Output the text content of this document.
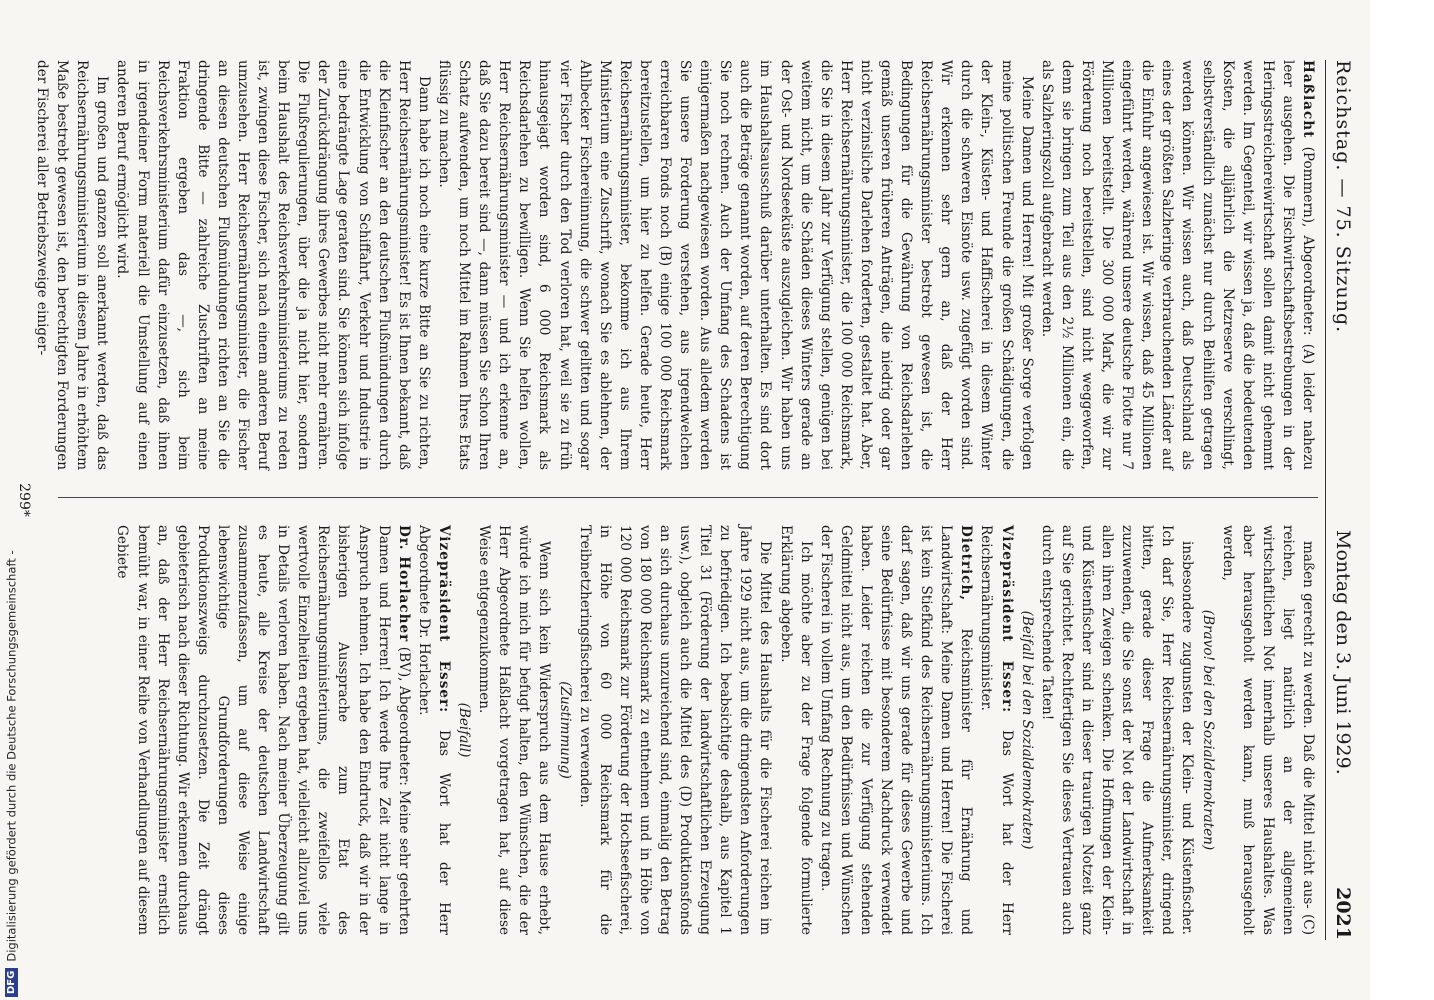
Reichstag. — 75. Sitzung.
Montag den 3. Juni 1929.
2021

Haßlacht (Pommern), Abgeordneter: (A) leider nahezu leer ausgehen. Die Fischwirtschaftsbestrebungen in der Heringsstreichereiwirtschaft sollen damit nicht gehemmt werden. Im Gegenteil, wir wissen ja, daß die bedeutenden Kosten, die alljährlich die Netzreserve verschlingt, selbstverständlich zunächst nur durch Beihilfen getragen werden können. Wir wissen auch, daß Deutschland als eines der größten Salzheringe verbrauchenden Länder auf die Einfuhr angewiesen ist. Wir wissen, daß 45 Millionen eingeführt werden, während unsere deutsche Flotte nur 7 Millionen bereitstellt. Die 300 000 Mark, die wir zur Förderung noch bereitstellen, sind nicht weggeworfen, denn sie bringen zum Teil aus den 2½ Millionen ein, die als Salzheringszoll aufgebracht werden.

Meine Damen und Herren! Mit großer Sorge verfolgen meine politischen Freunde die großen Schädigungen, die der Klein-, Küsten- und Haffischerei in diesem Winter durch die schweren Eisnöte usw. zugefügt worden sind. Wir erkennen sehr gern an, daß der Herr Reichsernährungsminister bestrebt gewesen ist, die Bedingungen für die Gewährung von Reichsdarlehen gemäß unseren früheren Anträgen, die niedrig oder gar nicht verzinsliche Darlehen forderten, gestaltet hat. Aber, Herr Reichsernährungsminister, die 100 000 Reichsmark, die Sie in diesem Jahr zur Verfügung stellen, genügen bei weitem nicht, um die Schäden dieses Winters gerade an der Ost- und Nordseeküste auszugleichen. Wir haben uns im Haushaltsausschuß darüber unterhalten. Es sind dort auch die Beträge genannt worden, auf deren Berechtigung Sie noch rechnen. Auch der Umfang des Schadens ist einigermaßen nachgewiesen worden. Aus alledem werden Sie unsere Forderung verstehen, aus irgendwelchen erreichbaren Fonds noch (B) einige 100 000 Reichsmark bereitzustellen, um hier zu helfen. Gerade heute, Herr Reichsernährungsminister, bekomme ich aus Ihrem Ministerium eine Zuschrift, wonach Sie es ablehnen, der Ahlbecker Fischereiinnung, die schwer gelitten und sogar vier Fischer durch den Tod verloren hat, weil sie zu früh hinausgejagt worden sind, 6 000 Reichsmark als Reichsdarlehen zu bewilligen. Wenn Sie helfen wollen, Herr Reichsernährungsminister — und ich erkenne an, daß Sie dazu bereit sind —, dann müssen Sie schon Ihren Schatz aufwenden, um noch Mittel im Rahmen Ihres Etats flüssig zu machen.

Dann habe ich noch eine kurze Bitte an Sie zu richten, Herr Reichsernährungsminister! Es ist Ihnen bekannt, daß die Kleinfischer an den deutschen Flußmündungen durch die Entwicklung von Schiffahrt, Verkehr und Industrie in eine bedrängte Lage geraten sind. Sie können sich infolge der Zurückdrängung ihres Gewerbes nicht mehr ernähren. Die Flußregulierungen, über die ja nicht hier, sondern beim Haushalt des Reichsverkehrsministeriums zu reden ist, zwingen diese Fischer, sich nach einem anderen Beruf umzusehen. Herr Reichsernährungsminister, die Fischer an diesen deutschen Flußmündungen richten an Sie die dringende Bitte — zahlreiche Zuschriften an meine Fraktion ergeben das —, sich beim Reichsverkehrsministerium dafür einzusetzen, daß ihnen in irgendeiner Form materiell die Umstellung auf einen anderen Beruf ermöglicht wird.

Im großen und ganzen soll anerkannt werden, daß das Reichsernährungsministerium in diesem Jahre in erhöhtem Maße bestrebt gewesen ist, den berechtigten Forderungen der Fischerei aller Betriebszweige einiger-

maßen gerecht zu werden. Daß die Mittel nicht aus- (C) reichen, liegt natürlich an der allgemeinen wirtschaftlichen Not innerhalb unseres Haushaltes. Was aber herausgeholt werden kann, muß herausgeholt werden,

(Bravo! bei den Sozialdemokraten)

insbesondere zugunsten der Klein- und Küstenfischer. Ich darf Sie, Herr Reichsernährungsminister, dringend bitten, gerade dieser Frage die Aufmerksamkeit zuzuwenden, die Sie sonst der Not der Landwirtschaft in allen ihren Zweigen schenken. Die Hoffnungen der Klein- und Küstenfischer sind in dieser traurigen Notzeit ganz auf Sie gerichtet. Rechtfertigen Sie dieses Vertrauen auch durch entsprechende Taten!

(Beifall bei den Sozialdemokraten)

Vizepräsident Esser: Das Wort hat der Herr Reichsernährungsminister.

Dietrich, Reichsminister für Ernährung und Landwirtschaft: Meine Damen und Herren! Die Fischerei ist kein Stiefkind des Reichsernährungsministeriums. Ich darf sagen, daß wir uns gerade für dieses Gewerbe und seine Bedürfnisse mit besonderem Nachdruck verwendet haben. Leider reichen die zur Verfügung stehenden Geldmittel nicht aus, um den Bedürfnissen und Wünschen der Fischerei in vollem Umfang Rechnung zu tragen.

Ich möchte aber zu der Frage folgende formulierte Erklärung abgeben.

Die Mittel des Haushalts für die Fischerei reichen im Jahre 1929 nicht aus, um die dringendsten Anforderungen zu befriedigen. Ich beabsichtige deshalb, aus Kapitel 1 Titel 31 (Förderung der landwirtschaftlichen Erzeugung usw.), obgleich auch die Mittel des (D) Produktionsfonds an sich durchaus unzureichend sind, einmalig den Betrag von 180 000 Reichsmark zu entnehmen und in Höhe von 120 000 Reichsmark zur Förderung der Hochseefischerei, in Höhe von 60 000 Reichsmark für die Treibnetzheringsfischerei zu verwenden.

(Zustimmung)

Wenn sich kein Widerspruch aus dem Hause erhebt, würde ich mich für befugt halten, den Wünschen, die der Herr Abgeordnete Haßlacht vorgetragen hat, auf diese Weise entgegenzukommen.

(Beifall)

Vizepräsident Esser: Das Wort hat der Herr Abgeordnete Dr. Horlacher.

Dr. Horlacher (BV), Abgeordneter: Meine sehr geehrten Damen und Herren! Ich werde Ihre Zeit nicht lange in Anspruch nehmen. Ich habe den Eindruck, daß wir in der bisherigen Aussprache zum Etat des Reichsernährungsministeriums, die zweifellos viele wertvolle Einzelheiten ergeben hat, vielleicht allzuviel uns in Details verloren haben. Nach meiner Überzeugung gilt es heute, alle Kreise der deutschen Landwirtschaft zusammenzufassen, um auf diese Weise einige lebenswichtige Grundforderungen dieses Produktionszweigs durchzusetzen. Die Zeit drängt gebieterisch nach dieser Richtung. Wir erkennen durchaus an, daß der Herr Reichsernährungsminister ernstlich bemüht war, in einer Reihe von Verhandlungen auf diesem Gebiete

299*
DFGDigitalisierung gefördert durch die Deutsche Forschungsgemeinschaft -
